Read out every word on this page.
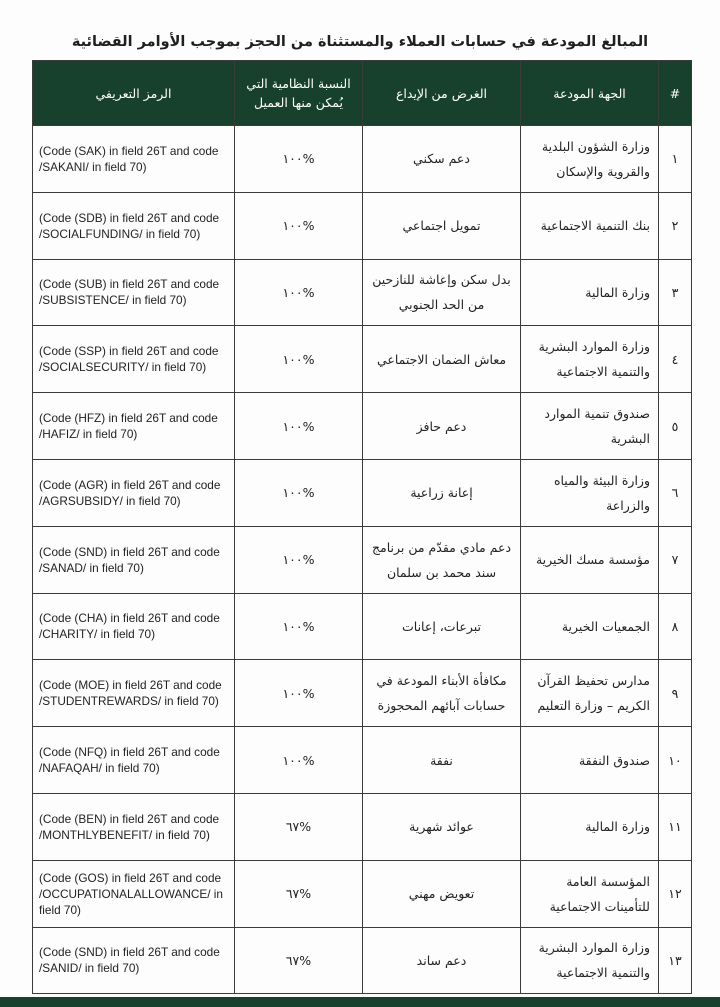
المبالغ المودعة في حسابات العملاء والمستثناة من الحجز بموجب الأوامر القضائية
الرمز التعريفي	النسبة النظامية التي يُمكن منها العميل	الغرض من الإيداع	الجهة المودعة	#
(Code (SAK) in field 26T and code /SAKANI/ in field 70)	%١٠٠	دعم سكني	وزارة الشؤون البلدية والقروية والإسكان	١
(Code (SDB) in field 26T and code /SOCIALFUNDING/ in field 70)	%١٠٠	تمويل اجتماعي	بنك التنمية الاجتماعية	٢
(Code (SUB) in field 26T and code /SUBSISTENCE/ in field 70)	%١٠٠	بدل سكن وإعاشة للنازحين من الحد الجنوبي	وزارة المالية	٣
(Code (SSP) in field 26T and code /SOCIALSECURITY/ in field 70)	%١٠٠	معاش الضمان الاجتماعي	وزارة الموارد البشرية والتنمية الاجتماعية	٤
(Code (HFZ) in field 26T and code /HAFIZ/ in field 70)	%١٠٠	دعم حافز	صندوق تنمية الموارد البشرية	٥
(Code (AGR) in field 26T and code /AGRSUBSIDY/ in field 70)	%١٠٠	إعانة زراعية	وزارة البيئة والمياه والزراعة	٦
(Code (SND) in field 26T and code /SANAD/ in field 70)	%١٠٠	دعم مادي مقدّم من برنامج سند محمد بن سلمان	مؤسسة مسك الخيرية	٧
(Code (CHA) in field 26T and code /CHARITY/ in field 70)	%١٠٠	تبرعات، إعانات	الجمعيات الخيرية	٨
(Code (MOE) in field 26T and code /STUDENTREWARDS/ in field 70)	%١٠٠	مكافأة الأبناء المودعة في حسابات آبائهم المحجوزة	مدارس تحفيظ القرآن الكريم – وزارة التعليم	٩
(Code (NFQ) in field 26T and code /NAFAQAH/ in field 70)	%١٠٠	نفقة	صندوق النفقة	١٠
(Code (BEN) in field 26T and code /MONTHLYBENEFIT/ in field 70)	%٦٧	عوائد شهرية	وزارة المالية	١١
(Code (GOS) in field 26T and code /OCCUPATIONALALLOWANCE/ in field 70)	%٦٧	تعويض مهني	المؤسسة العامة للتأمينات الاجتماعية	١٢
(Code (SND) in field 26T and code /SANID/ in field 70)	%٦٧	دعم ساند	وزارة الموارد البشرية والتنمية الاجتماعية	١٣
